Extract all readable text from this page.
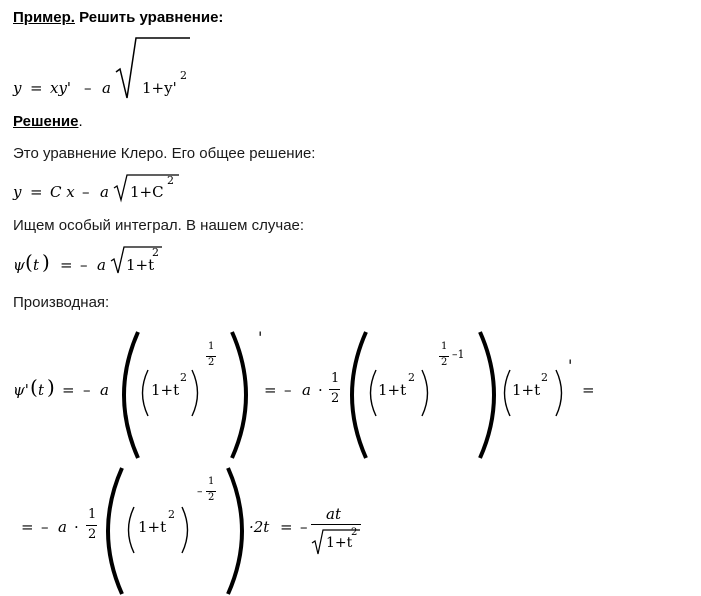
Пример. Решить уравнение:
y = xy' – a 1+y'
2
Решение.
Это уравнение Клеро. Его общее решение:
y = C x – a 1+C
2
Ищем особый интеграл. В нашем случае:
ψ ( t ) = – a 1+t
2
Производная:
ψ' ( t ) = – a	1+t
2
1
2
'
= – a ·
1
2	1+t
2
1
2
–1
1+t
2
'
=
= – a ·
1
2	1+t
2
–
1
2
·2t = –
at
1+t
2
